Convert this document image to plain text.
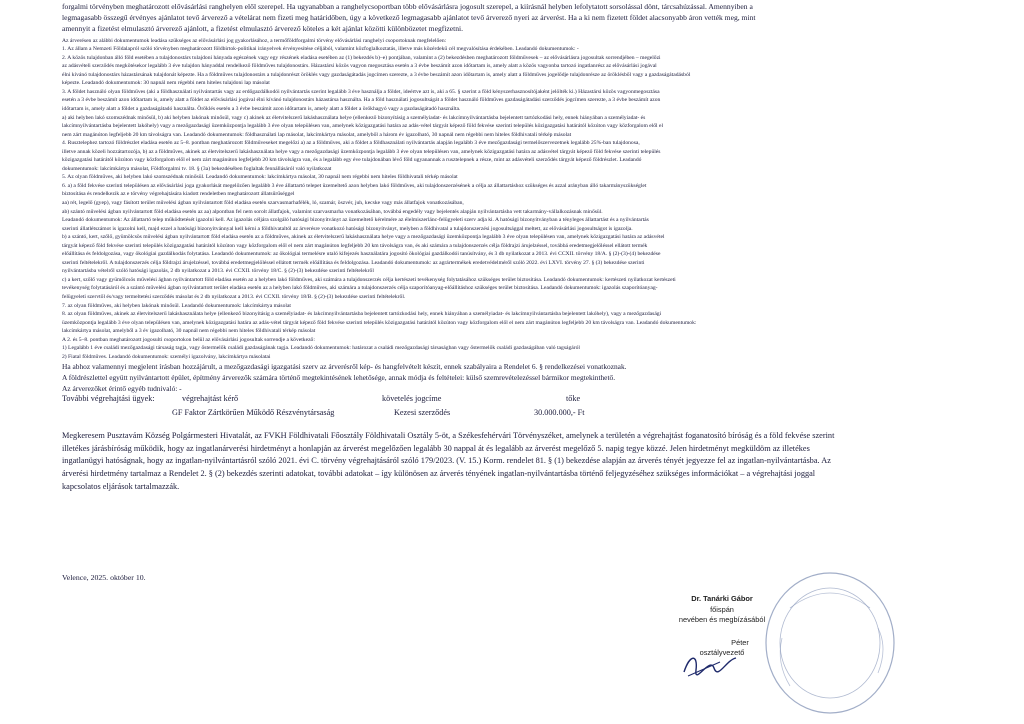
forgalmi törvényben meghatározott elővásárlási ranghelyen elől szerepel. Ha ugyanabban a ranghelycsoportban több elővásárlásra jogosult szerepel, a kiírásnál helyben lefolytatott sorsolással dönt, tárcsahúzással. Amennyiben a

legmagasabb összegű érvényes ajánlatot tevő árverező a vételárat nem fizeti meg határidőben, úgy a következő legmagasabb ajánlatot tevő árverező nyeri az árverést. Ha a ki nem fizetett földet alacsonyabb áron vették meg, mint

amennyit a fizetést elmulasztó árverező ajánlott, a fizetést elmulasztó árverező köteles a két ajánlat közötti különbözetet megfizetni.

Az árverésen az alábbi dokumentumok leadása szükséges az elővásárlási jog gyakorlásához, a termőföldforgalmi törvény elővásárlási ranghelyi csoportoknak megfelelően:

1. Az állam a Nemzeti Földalapról szóló törvényben meghatározott földbirtok-politikai irányelvek érvényesítése céljából, valamint közfoglalkoztatás, illetve más közérdekű cél megvalósítása érdekében. Leadandó dokumentumok: -

2. A közös tulajdonban álló föld esetében a tulajdonostárs tulajdoni hányada egészének vagy egy részének eladása esetében az (1) bekezdés b)–e) pontjában, valamint a (2) bekezdésben meghatározott földművesek – az elővásárlásra jogosultak sorrendjében – megelőzi

az adásvételi szerződés megkötésekor legalább 3 éve tulajdon hányaddal rendelkező földműves tulajdonostárs. Házastársi közös vagyon megosztása esetén a 3 évbe beszámít azon időtartam is, amely alatt a közös vagyonba tartozó ingatlanrész az elővásárlási jogával

élni kívánó tulajdonostárs házastársának tulajdonát képezte. Ha a földműves tulajdonostárs a tulajdonrészt öröklés vagy gazdaságátadás jogcímen szerezte, a 3 évbe beszámít azon időtartam is, amely alatt a földműves jogelődje tulajdonrésze az öröklésből vagy a gazdaságátadásból

képezte. Leadandó dokumentumok: 30 napnál nem régebbi nem hiteles tulajdoni lap másolat

3. A földet használó olyan földműves (aki a földhasználati nyilvántartás vagy az erdőgazdálkodói nyilvántartás szerint legalább 3 éve használja a földet, ideértve azt is, aki a 65. § szerint a föld kényszerhasznosítójaként jelölték ki.) Házastársi közös vagyonmegosztása

esetén a 3 évbe beszámít azon időtartam is, amely alatt a földet az elővásárlási jogával élni kívánó tulajdonostárs házastársa használta. Ha a föld használati jogosultságát a földet használó földműves gazdaságátadási szerződés jogcímen szerezte, a 3 évbe beszámít azon

időtartam is, amely alatt a földet a gazdaságátadó használta. Öröklés esetén a 3 évbe beszámít azon időtartam is, amely alatt a földet a örökhagyó vagy a gazdaságátadó használta.

a) aki helyben lakó szomszédnak minősül, b) aki helyben lakónak minősül, vagy c) akinek az életvitelszerű lakáshasználata helye (ellenkező bizonyításig a személyiadat- és lakcímnyilvántartásba bejelentett tartózkodási hely, ennek hiányában a személyiadat- és

lakcímnyilvántartásba bejelentett lakóhely) vagy a mezőgazdasági üzemközpontja legalább 3 éve olyan településen van, amelynek közigazgatási határa az adás-vétel tárgyát képező föld fekvése szerinti település közigazgatási határától közúton vagy közforgalom elől el

nem zárt magánúton legfeljebb 20 km távolságra van. Leadandó dokumentumok: földhasználati lap másolat, lakcímkártya másolat, amelyből a három év igazolható, 30 napnál nem régebbi nem hiteles földhivatali térkép másolat

4. Rusztelephez tartozó földrészlet eladása esetén az 5–8. pontban meghatározott földműveseket megelőzi a) az a földműves, aki a földet a földhasználati nyilvántartás alapján legalább 3 éve mezőgazdasági termelőszervezetnek legalább 25%-ban tulajdonosa,

illetve annak közeli hozzátartozója, b) az a földműves, akinek az életvitelszerű lakáshasználata helye vagy a mezőgazdasági üzemközpontja legalább 3 éve olyan településen van, amelynek közigazgatási határa az adásvétel tárgyát képező föld fekvése szerinti település

közigazgatási határától közúton vagy közforgalom elől el nem zárt magánúton legfeljebb 20 km távolságra van, és a legalább egy éve tulajdonában lévő föld ugyanannak a rusztelepnek a része, mint az adásvételi szerződés tárgyát képező földrészlet. Leadandó

dokumentumok: lakcímkártya másolat, Földforgalmi tv. 18. § (3a) bekezdésében foglaltak fennállásáról való nyilatkozat

5. Az olyan földműves, aki helyben lakó szomszédnak minősül. Leadandó dokumentumok: lakcímkártya másolat, 30 napnál nem régebbi nem hiteles földhivatali térkép másolat

6. a) a föld fekvése szerinti településen az elővásárlási joga gyakorlását megelőzően legalább 3 éve állattartó telepet üzemeltető azon helyben lakó földműves, aki tulajdonszerzésének a célja az állattartáshoz szükséges és azzal arányban álló takarmányszükséglet

biztosítása és rendelkezik az e törvény végrehajtására kiadott rendeletben meghatározott állatsűrűséggel

aa) rét, legelő (gyep), vagy fásított terület művelési ágban nyilvántartott föld eladása esetén szarvasmarhafélék, ló, szamár, öszvér, juh, kecske vagy más állatfajok vonatkozásában,

ab) szántó művelési ágban nyilvántartott föld eladása esetén az aa) alpontban fel nem sorolt állatfajok, valamint szarvasmarha vonatkozásában, továbbá engedély vagy bejelentés alapján nyilvántartásba vett takarmány-vállalkozásnak minősül.

Leadandó dokumentumok: Az állattartó telep működtetését igazolni kell. Az igazolás céljára szolgáló hatósági bizonyítványt az üzemeltető kérelmére az élelmiszerlánc-felügyeleti szerv adja ki. A hatósági bizonyítványban a tényleges állattartást és a nyilvántartás

szerinti állatlétszámot is igazolni kell, majd ezzel a hatósági bizonyítvánnyal kell kérni a földhivataltól az árverésre vonatkozó hatósági bizonyítványt, melyben a földhivatal a tulajdonszerzési jogosultsággal meltett, az elővásárlási jogosultságot is igazolja.

b) a szántó, kert, szőlő, gyümölcsös művelési ágban nyilvántartott föld eladása esetén az a földműves, akinek az életvitelszerű lakáshasználata helye vagy a mezőgazdasági üzemközpontja legalább 3 éve olyan településen van, amelynek közigazgatási határa az adásvétel

tárgyát képező föld fekvése szerinti település közigazgatási határától közúton vagy közforgalom elől el nem zárt magánúton legfeljebb 20 km távolságra van, és aki számára a tulajdonszerzés célja földrajzi árujelzéssel, továbbá eredetmegjelöléssel ellátott termék

előállítása és feldolgozása, vagy ökológiai gazdálkodás folytatása. Leadandó dokumentumok: az ökológiai termelésre utaló kifejezés használatára jogosító ökológiai gazdálkodói tanúsítvány, és 3 db nyilatkozat a 2013. évi CCXII. törvény 18/A. § (2)-(3)-(4) bekezdése

szerinti feltételekről. A tulajdonszerzés célja földrajzi árujelzéssel, továbbá eredetmegjelöléssel ellátott termék előállítása és feldolgozása. Leadandó dokumentumok: az agrártermékek eredetvédelméről szóló 2022. évi LXVI. törvény 27. § (3) bekezdése szerinti

nyilvántartásba vételről szóló hatósági igazolás, 2 db nyilatkozat a 2013. évi CCXII. törvény 18/C. § (2)-(3) bekezdése szerinti feltételekről

c) a kert, szőlő vagy gyümölcsös művelési ágban nyilvántartott föld eladása esetén az a helyben lakó földműves, aki számára a tulajdonszerzés célja kertészeti tevékenység folytatásához szükséges terület biztosítása. Leadandó dokumentumok: kertészeti nyilatkozat kertészeti

tevékenység folytatásáról és a szántó művelési ágban nyilvántartott terület eladása esetén az a helyben lakó földműves, aki számára a tulajdonszerzés célja szaporítóanyag-előállításhoz szükséges terület biztosítása. Leadandó dokumentumok: igazolás szaporítóanyag-

felügyeleti szervtől és/vagy termeltetési szerződés másolat és 2 db nyilatkozat a 2013. évi CCXII. törvény 18/B. § (2)-(3) bekezdése szerinti feltételekről.

7. az olyan földműves, aki helyben lakónak minősül. Leadandó dokumentumok: lakcímkártya másolat

8. az olyan földműves, akinek az életvitelszerű lakáshasználata helye (ellenkező bizonyításig a személyiadat- és lakcímnyilvántartásba bejelentett tartózkodási hely, ennek hiányában a személyiadat- és lakcímnyilvántartásba bejelentett lakóhely), vagy a mezőgazdasági

üzemközpontja legalább 3 éve olyan településen van, amelynek közigazgatási határa az adás-vétel tárgyát képező föld fekvése szerinti település közigazgatási határától közúton vagy közforgalom elől el nem zárt magánúton legfeljebb 20 km távolságra van. Leadandó dokumentumok:

lakcímkártya másolat, amelyből a 3 év igazolható, 30 napnál nem régebbi nem hiteles földhivatali térkép másolat

A 2. és 5–8. pontban meghatározott jogosulti csoportokon belül az elővásárlási jogosultak sorrendje a következő:

1) Legalább 1 éve családi mezőgazdasági társaság tagja, vagy őstermelők családi gazdaságának tagja. Leadandó dokumentumok: határozat a családi mezőgazdasági társaságban vagy őstermelők családi gazdaságában való tagságáról

2) Fiatal földműves. Leadandó dokumentumok: személyi igazolvány, lakcímkártya másolatai

Ha abhoz valamennyi megjelent írásban hozzájárult, a mezőgazdasági igazgatási szerv az árverésről kép- és hangfelvételt készít, ennek szabályaira a Rendelet 6. § rendelkezései vonatkoznak.

A földrészlettel együtt nyilvántartott épület, építmény árverezők számára történő megtekintésének lehetősége, annak módja és feltételei: külső szemrevételezéssel bármikor megtekinthető.

Az árverezőket érintő egyéb tudnivaló: -

További végrehajtási ügyek:	végrehajtást kérő	követelés jogcíme	tőke
GF Faktor Zártkörűen Működő Részvénytársaság	Kezesi szerződés	30.000.000,- Ft

Megkeresem Pusztavám Község Polgármesteri Hivatalát, az FVKH Földhivatali Főosztály Földhivatali Osztály 5-öt, a Székesfehérvári Törvényszéket, amelynek a területén a végrehajtást foganatosító bíróság és a föld fekvése szerint

illetékes járásbíróság működik, hogy az ingatlanárverési hirdetményt a honlapján az árverést megelőzően legalább 30 nappal át és legalább az árverést megelőző 5. napig tegye közzé. Jelen hirdetményt megküldöm az illetékes

ingatlanügyi hatóságnak, hogy az ingatlan-nyilvántartásról szóló 2021. évi C. törvény végrehajtásáról szóló 179/2023. (V. 15.) Korm. rendelet 81. § (1) bekezdése alapján az árverés tényét jegyezze fel az ingatlan-nyilvántartásba. Az

árverési hirdetmény tartalmaz a Rendelet 2. § (2) bekezdés szerinti adatokat, további adatokat – így különösen az árverés tényének ingatlan-nyilvántartásba történő feljegyzéséhez szükséges információkat – a végrehajtási joggal

kapcsolatos eljárások tartalmazzák.

Velence, 2025. október 10.
Dr. Tanárki Gábor
főispán
nevében és megbízásából
Péter
osztályvezető
